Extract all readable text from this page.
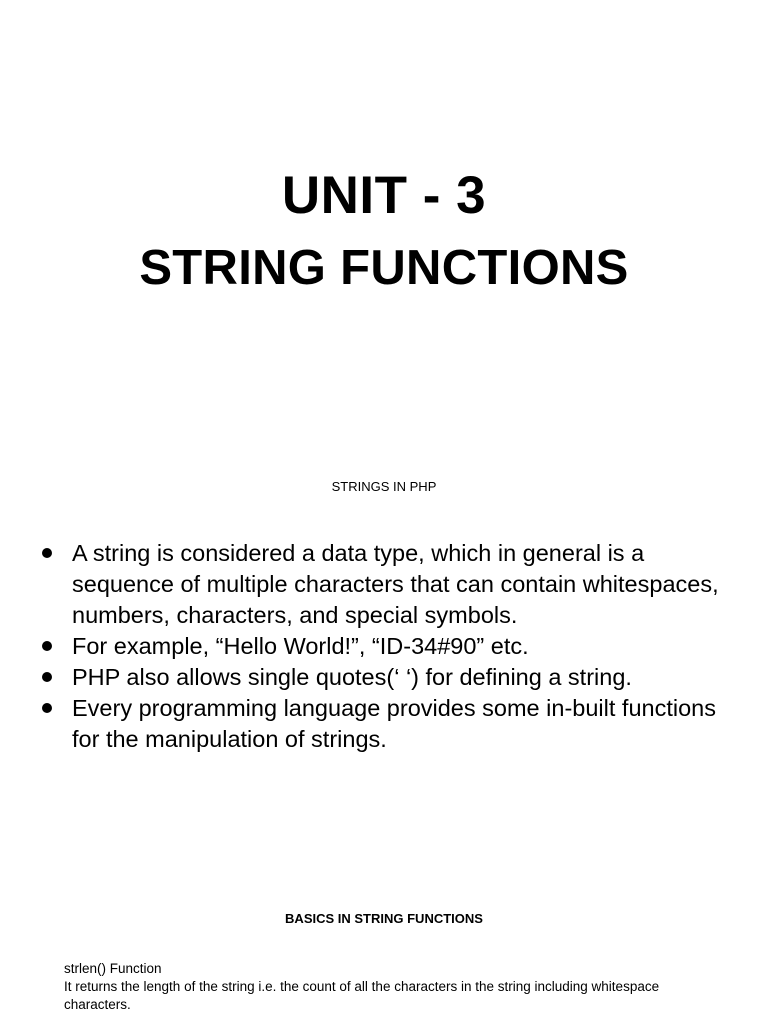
UNIT - 3
STRING FUNCTIONS
STRINGS IN PHP
A string is considered a data type, which in general is a sequence of multiple characters that can contain whitespaces, numbers, characters, and special symbols.
For example, “Hello World!”, “ID-34#90” etc.
PHP also allows single quotes(‘ ‘) for defining a string.
Every programming language provides some in-built functions for the manipulation of strings.
BASICS IN STRING FUNCTIONS
strlen() Function
It returns the length of the string i.e. the count of all the characters in the string including whitespace characters.
